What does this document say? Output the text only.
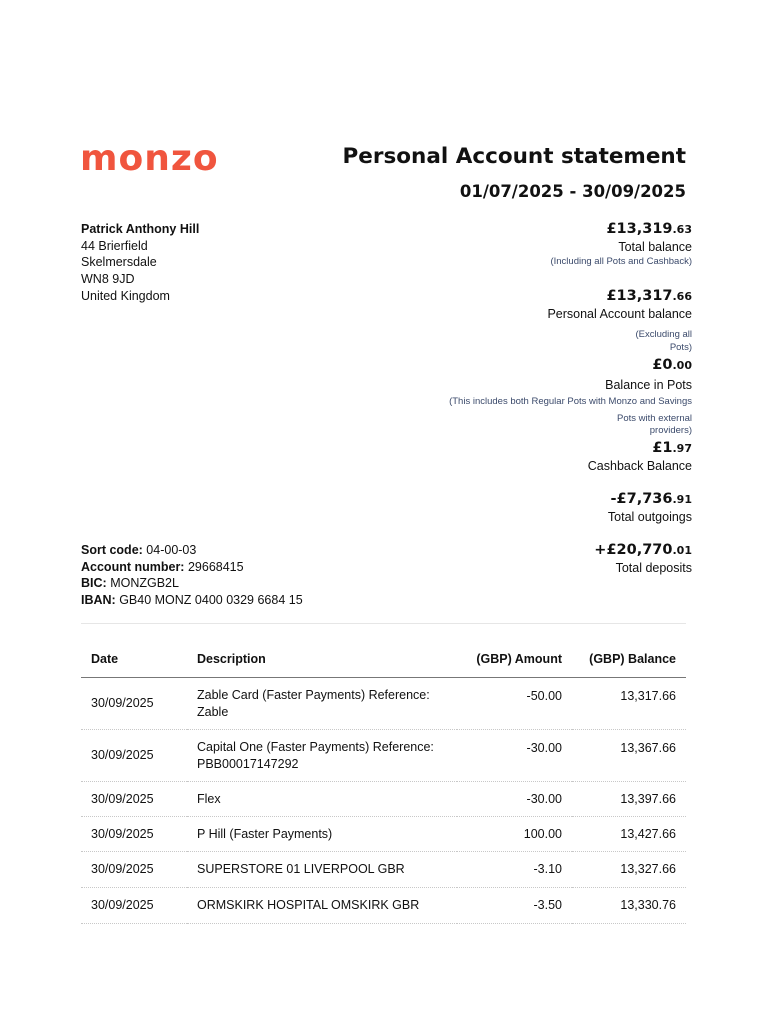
monzo	Personal Account statement
01/07/2025 - 30/09/2025
Patrick Anthony Hill
44 Brierfield
Skelmersdale
WN8 9JD
United Kingdom
£13,319.63
Total balance
(Including all Pots and Cashback)
£13,317.66
Personal Account balance
(Excluding all
Pots)
£0.00
Balance in Pots
(This includes both Regular Pots with Monzo and Savings
Pots with external
providers)
£1.97
Cashback Balance
-£7,736.91
Total outgoings
+£20,770.01
Total deposits
Sort code: 04-00-03
Account number: 29668415
BIC: MONZGB2L
IBAN: GB40 MONZ 0400 0329 6684 15
Date	Description	(GBP) Amount	(GBP) Balance
30/09/2025	Zable Card (Faster Payments) Reference: Zable	-50.00	13,317.66
30/09/2025	Capital One (Faster Payments) Reference: PBB00017147292	-30.00	13,367.66
30/09/2025	Flex	-30.00	13,397.66
30/09/2025	P Hill (Faster Payments)	100.00	13,427.66
30/09/2025	SUPERSTORE 01 LIVERPOOL GBR	-3.10	13,327.66
30/09/2025	ORMSKIRK HOSPITAL OMSKIRK GBR	-3.50	13,330.76
